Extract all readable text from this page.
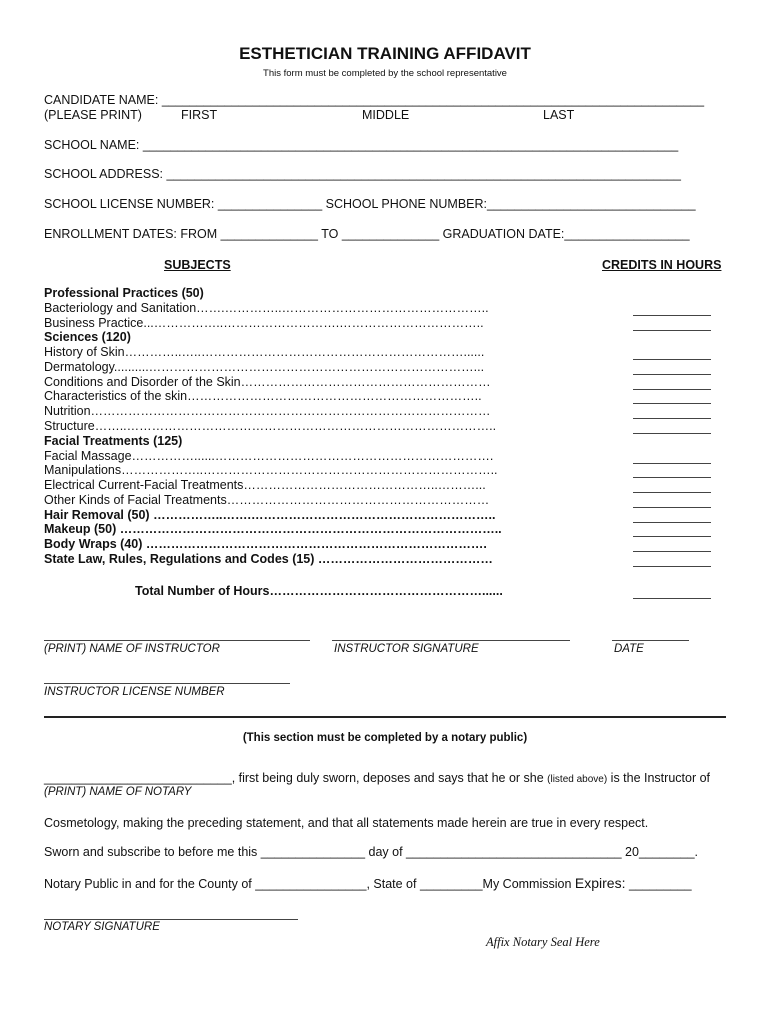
ESTHETICIAN TRAINING AFFIDAVIT
This form must be completed by the school representative
CANDIDATE NAME: ______________________________________________________________________________
(PLEASE PRINT)	FIRST	MIDDLE	LAST
SCHOOL NAME: _____________________________________________________________________________
SCHOOL ADDRESS: __________________________________________________________________________
SCHOOL LICENSE NUMBER: _______________ SCHOOL PHONE NUMBER:______________________________
ENROLLMENT DATES: FROM ______________ TO ______________ GRADUATION DATE:__________________
SUBJECTS	CREDITS IN HOURS
Professional Practices (50)
Bacteriology and Sanitation…….…………..…………………………………………..
Business Practice...……………..……………………….……………………………..
Sciences (120)
History of Skin…………..…..………………………………………………………......
Dermatology..........……………………………………………………………………...
Conditions and Disorder of the Skin……………………………………………………
Characteristics of the skin……………………………………………………………..
Nutrition……………………………………………………………………………………
Structure……..……………………………………………………………………………..
Facial Treatments (125)
Facial Massage……………......………………………………………………………….
Manipulations………………..……………………………………………………………..
Electrical Current-Facial Treatments………………………………………..………...
Other Kinds of Facial Treatments………………………………………………………
Hair Removal (50) ……………..…….…………………………………………………..
Makeup (50) ………………………………………………………………………………..
Body Wraps (40) ……………………………………………………………………….
State Law, Rules, Regulations and Codes (15) ……………………………………
Total Number of Hours……………………………………………......
(PRINT) NAME OF INSTRUCTOR	INSTRUCTOR SIGNATURE	DATE
INSTRUCTOR LICENSE NUMBER
(This section must be completed by a notary public)
___________________________, first being duly sworn, deposes and says that he or she (listed above) is the Instructor of
(PRINT) NAME OF NOTARY
Cosmetology, making the preceding statement, and that all statements made herein are true in every respect.
Sworn and subscribe to before me this _______________ day of _______________________________ 20________.
Notary Public in and for the County of ________________, State of _________My Commission Expires: _________
NOTARY SIGNATURE
Affix Notary Seal Here
